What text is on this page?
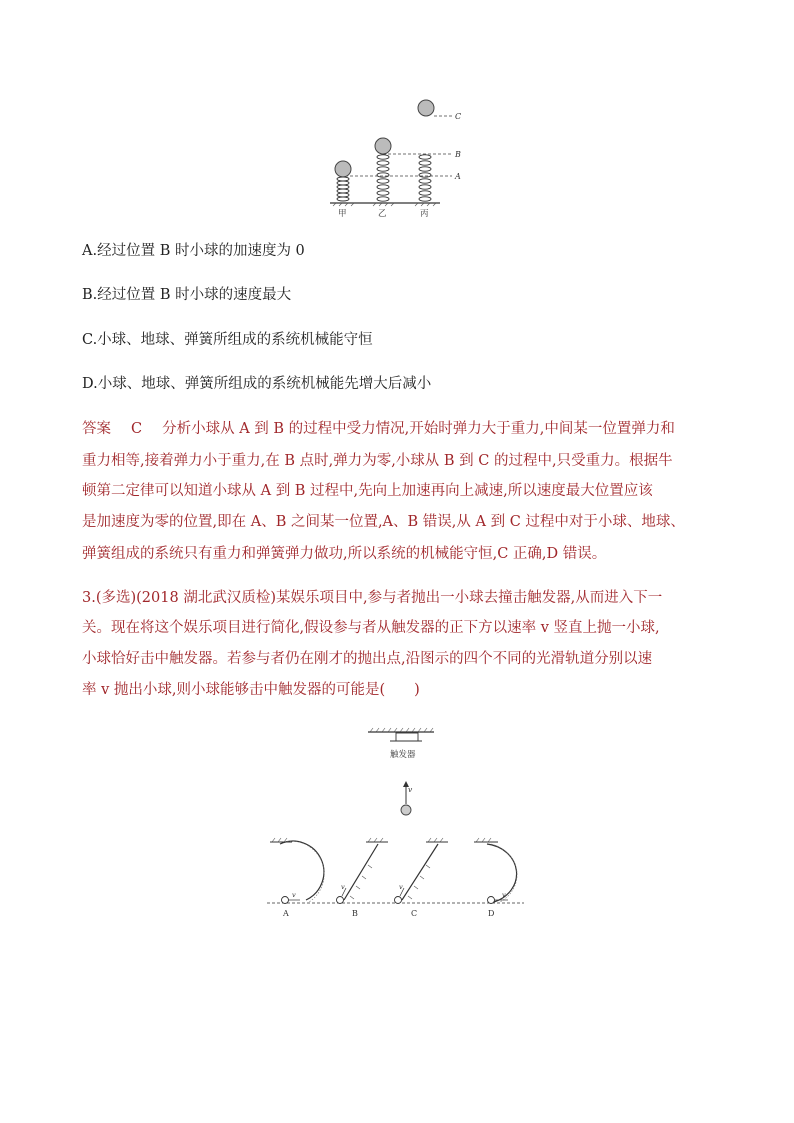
C
B
A
甲	乙	丙
A.经过位置 B 时小球的加速度为 0
B.经过位置 B 时小球的速度最大
C.小球、地球、弹簧所组成的系统机械能守恒
D.小球、地球、弹簧所组成的系统机械能先增大后减小
答案 C 分析小球从 A 到 B 的过程中受力情况,开始时弹力大于重力,中间某一位置弹力和
重力相等,接着弹力小于重力,在 B 点时,弹力为零,小球从 B 到 C 的过程中,只受重力。根据牛
顿第二定律可以知道小球从 A 到 B 过程中,先向上加速再向上减速,所以速度最大位置应该
是加速度为零的位置,即在 A、B 之间某一位置,A、B 错误,从 A 到 C 过程中对于小球、地球、
弹簧组成的系统只有重力和弹簧弹力做功,所以系统的机械能守恒,C 正确,D 错误。
3.(多选)(2018 湖北武汉质检)某娱乐项目中,参与者抛出一小球去撞击触发器,从而进入下一
关。现在将这个娱乐项目进行简化,假设参与者从触发器的正下方以速率 v 竖直上抛一小球,
小球恰好击中触发器。若参与者仍在刚才的抛出点,沿图示的四个不同的光滑轨道分别以速
率 v 抛出小球,则小球能够击中触发器的可能是(　　)
触发器
v
v
A
v
B
v
C
v
D
